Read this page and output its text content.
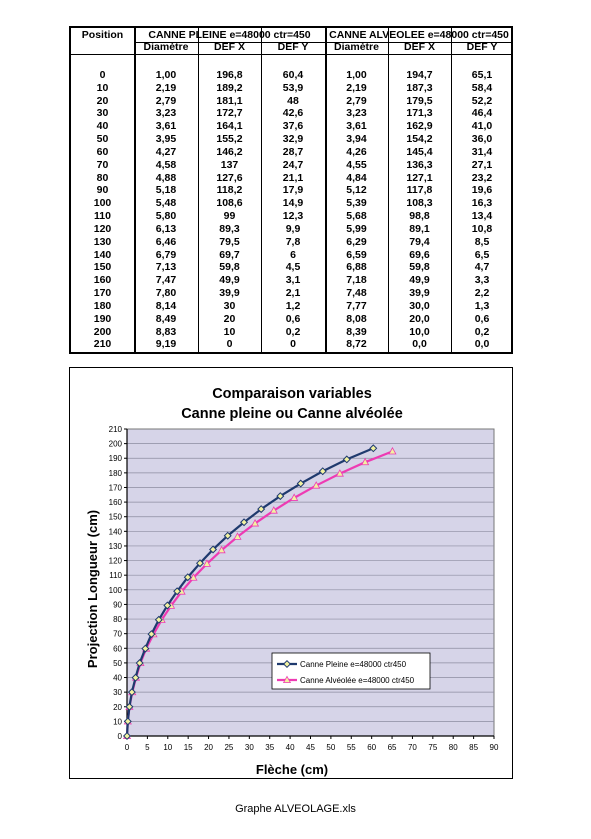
Position	CANNE PLEINE e=48000 ctr=450	CANNE ALVEOLEE e=48000 ctr=450
Diamètre	DEF X	DEF Y	Diamètre	DEF X	DEF Y
0	1,00	196,8	60,4	1,00	194,7	65,1
10	2,19	189,2	53,9	2,19	187,3	58,4
20	2,79	181,1	48	2,79	179,5	52,2
30	3,23	172,7	42,6	3,23	171,3	46,4
40	3,61	164,1	37,6	3,61	162,9	41,0
50	3,95	155,2	32,9	3,94	154,2	36,0
60	4,27	146,2	28,7	4,26	145,4	31,4
70	4,58	137	24,7	4,55	136,3	27,1
80	4,88	127,6	21,1	4,84	127,1	23,2
90	5,18	118,2	17,9	5,12	117,8	19,6
100	5,48	108,6	14,9	5,39	108,3	16,3
110	5,80	99	12,3	5,68	98,8	13,4
120	6,13	89,3	9,9	5,99	89,1	10,8
130	6,46	79,5	7,8	6,29	79,4	8,5
140	6,79	69,7	6	6,59	69,6	6,5
150	7,13	59,8	4,5	6,88	59,8	4,7
160	7,47	49,9	3,1	7,18	49,9	3,3
170	7,80	39,9	2,1	7,48	39,9	2,2
180	8,14	30	1,2	7,77	30,0	1,3
190	8,49	20	0,6	8,08	20,0	0,6
200	8,83	10	0,2	8,39	10,0	0,2
210	9,19	0	0	8,72	0,0	0,0
Comparaison variables
Canne pleine ou Canne alvéolée
Flèche (cm)
Projection Longueur (cm)
0
10
20
30
40
50
60
70
80
90
100
110
120
130
140
150
160
170
180
190
200
210
0 5 10 15 20 25 30 35 40 45 50 55 60 65 70 75 80 85 90
Canne Pleine e=48000 ctr450
Canne Alvéolée e=48000 ctr450
Graphe ALVEOLAGE.xls
